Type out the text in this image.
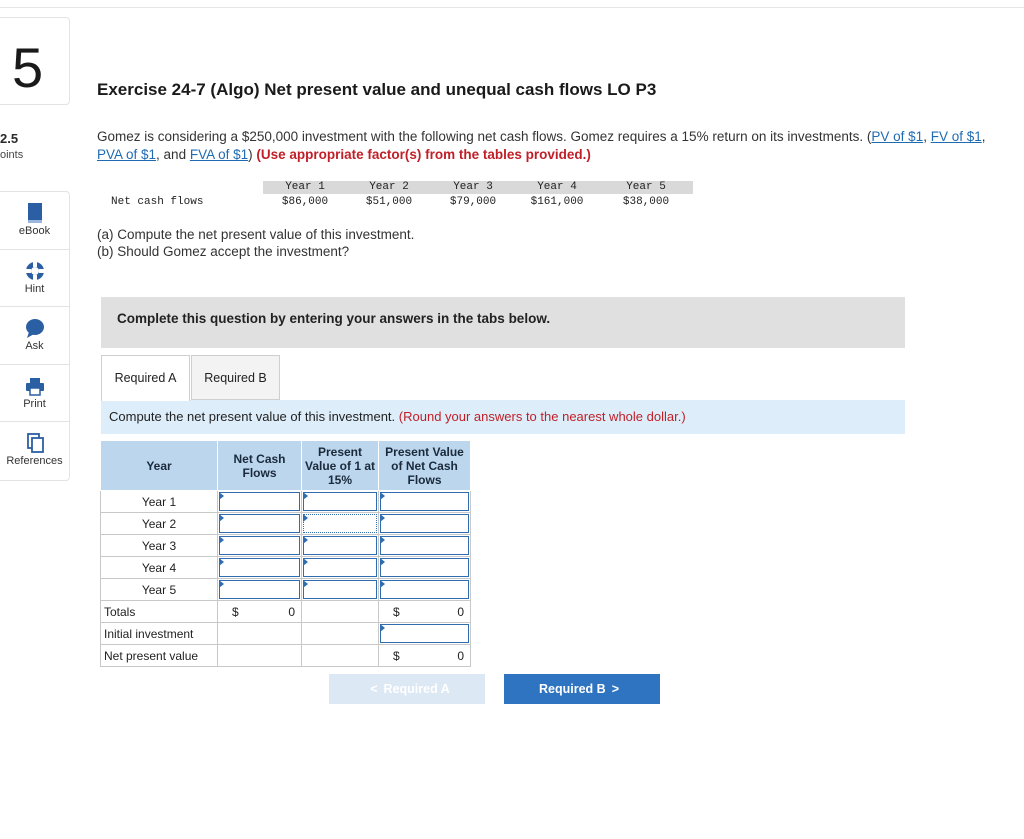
5
2.5
oints
eBook
Hint
Ask
Print
References
Exercise 24-7 (Algo) Net present value and unequal cash flows LO P3
Gomez is considering a $250,000 investment with the following net cash flows. Gomez requires a 15% return on its investments. (PV of $1, FV of $1, PVA of $1, and FVA of $1) (Use appropriate factor(s) from the tables provided.)
	Year 1	Year 2	Year 3	Year 4	Year 5
Net cash flows	$86,000	$51,000	$79,000	$161,000	$38,000
(a) Compute the net present value of this investment.
(b) Should Gomez accept the investment?
Complete this question by entering your answers in the tabs below.
Required A	Required B
Compute the net present value of this investment. (Round your answers to the nearest whole dollar.)
Year	Net Cash Flows	Present Value of 1 at 15%	Present Value of Net Cash Flows
Year 1	

Year 2	

Year 3	

Year 4	

Year 5	

Totals	$ 0		$ 0

Initial investment			

Net present value			$ 0
< Required A	Required B >
